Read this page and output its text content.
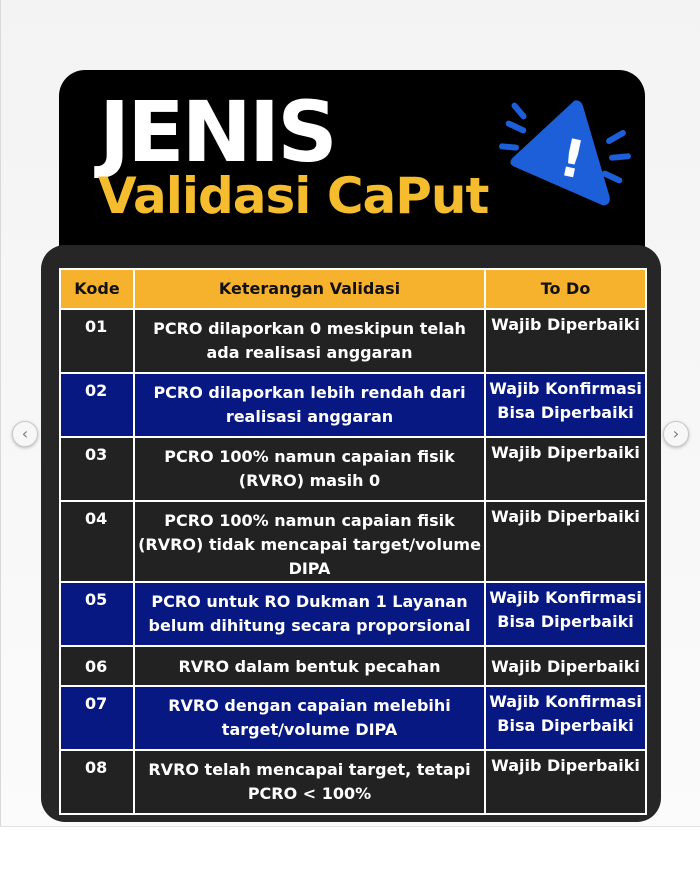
JENIS
Validasi CaPut
!
Kode	Keterangan Validasi	To Do
01	PCRO dilaporkan 0 meskipun telah ada realisasi anggaran	Wajib Diperbaiki
02	PCRO dilaporkan lebih rendah dari realisasi anggaran	Wajib Konfirmasi Bisa Diperbaiki
03	PCRO 100% namun capaian fisik (RVRO) masih 0	Wajib Diperbaiki
04	PCRO 100% namun capaian fisik (RVRO) tidak mencapai target/volume DIPA	Wajib Diperbaiki
05	PCRO untuk RO Dukman 1 Layanan belum dihitung secara proporsional	Wajib Konfirmasi Bisa Diperbaiki
06	RVRO dalam bentuk pecahan	Wajib Diperbaiki
07	RVRO dengan capaian melebihi target/volume DIPA	Wajib Konfirmasi Bisa Diperbaiki
08	RVRO telah mencapai target, tetapi PCRO < 100%	Wajib Diperbaiki
‹	›
